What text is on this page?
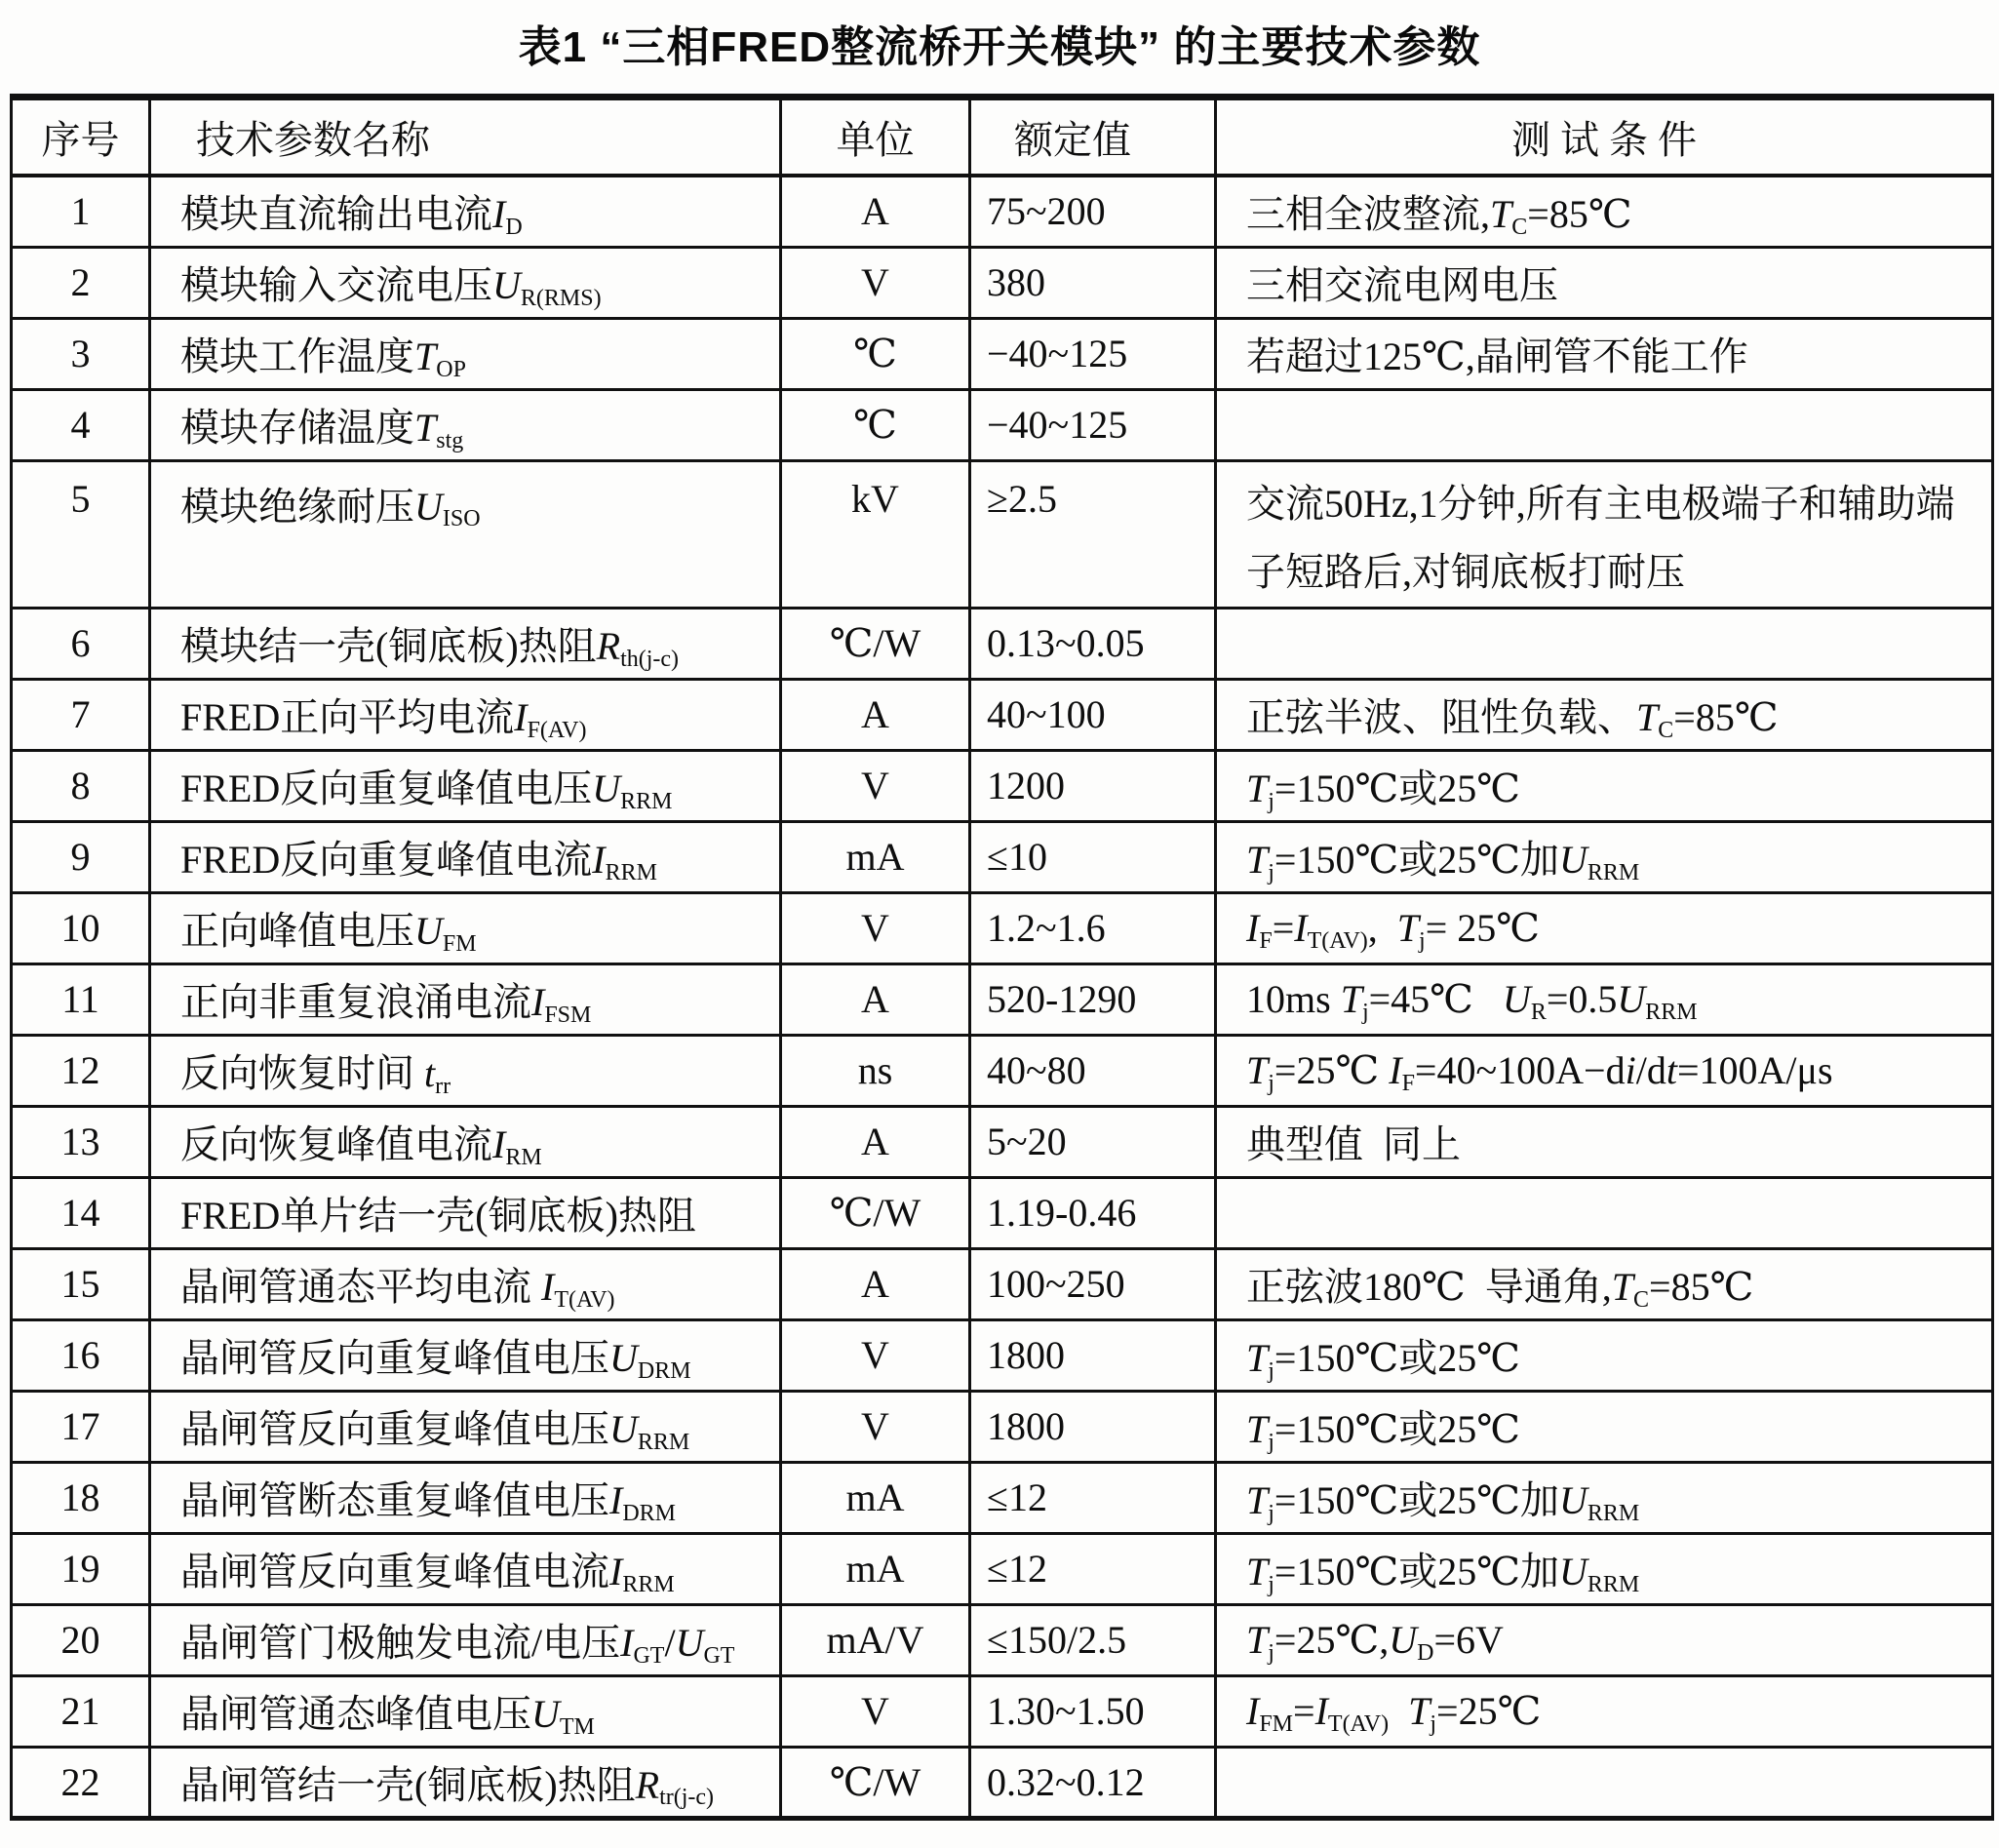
表1 “三相FRED整流桥开关模块” 的主要技术参数
序号	技术参数名称	单位	额定值	测 试 条 件
1	模块直流输出电流$I_D$	A	75~200	三相全波整流$,T_C=85℃$
2	模块输入交流电压$U_{R(RMS)}$	V	380	三相交流电网电压
3	模块工作温度$T_{OP}$	℃	−40~125	若超过125℃,晶闸管不能工作
4	模块存储温度$T_{stg}$	℃	−40~125	
5	模块绝缘耐压$U_{ISO}$	kV	≥2.5	交流50Hz,1分钟,所有主电极端子和辅助端子短路后,对铜底板打耐压
6	模块结一壳(铜底板)热阻$R_{th(j-c)}$	℃/W	0.13~0.05	
7	FRED正向平均电流$I_{F(AV)}$	A	40~100	正弦半波、阻性负载、$T_C=85℃$
8	FRED反向重复峰值电压$U_{RRM}$	V	1200	$T_j=150℃$或25℃
9	FRED反向重复峰值电流$I_{RRM}$	mA	≤10	$T_j=150℃$或25℃加$U_{RRM}$
10	正向峰值电压$U_{FM}$	V	1.2~1.6	$I_F=I_{T(AV)}$,  $T_j=$ 25℃
11	正向非重复浪涌电流$I_{FSM}$	A	520-1290	10ms $T_j=45℃$   $U_R=0.5U_{RRM}$
12	反向恢复时间 $t_{rr}$	ns	40~80	$T_j=25℃$ $I_F=40\sim 100A-di/dt=100A/\mu s$
13	反向恢复峰值电流$I_{RM}$	A	5~20	典型值  同上
14	FRED单片结一壳(铜底板)热阻	℃/W	1.19-0.46	
15	晶闸管通态平均电流 $I_{T(AV)}$	A	100~250	正弦波180℃  导通角$,T_C=85℃$
16	晶闸管反向重复峰值电压$U_{DRM}$	V	1800	$T_j=150℃$或25℃
17	晶闸管反向重复峰值电压$U_{RRM}$	V	1800	$T_j=150℃$或25℃
18	晶闸管断态重复峰值电压$I_{DRM}$	mA	≤12	$T_j=150℃$或25℃加$U_{RRM}$
19	晶闸管反向重复峰值电流$I_{RRM}$	mA	≤12	$T_j=150℃$或25℃加$U_{RRM}$
20	晶闸管门极触发电流/电压$I_{GT}/U_{GT}$	mA/V	≤150/2.5	$T_j=25℃,U_D=6V$
21	晶闸管通态峰值电压$U_{TM}$	V	1.30~1.50	$I_{FM}=I_{T(AV)}$ $T_j=25℃$
22	晶闸管结一壳(铜底板)热阻$R_{tr(j-c)}$	℃/W	0.32~0.12	
